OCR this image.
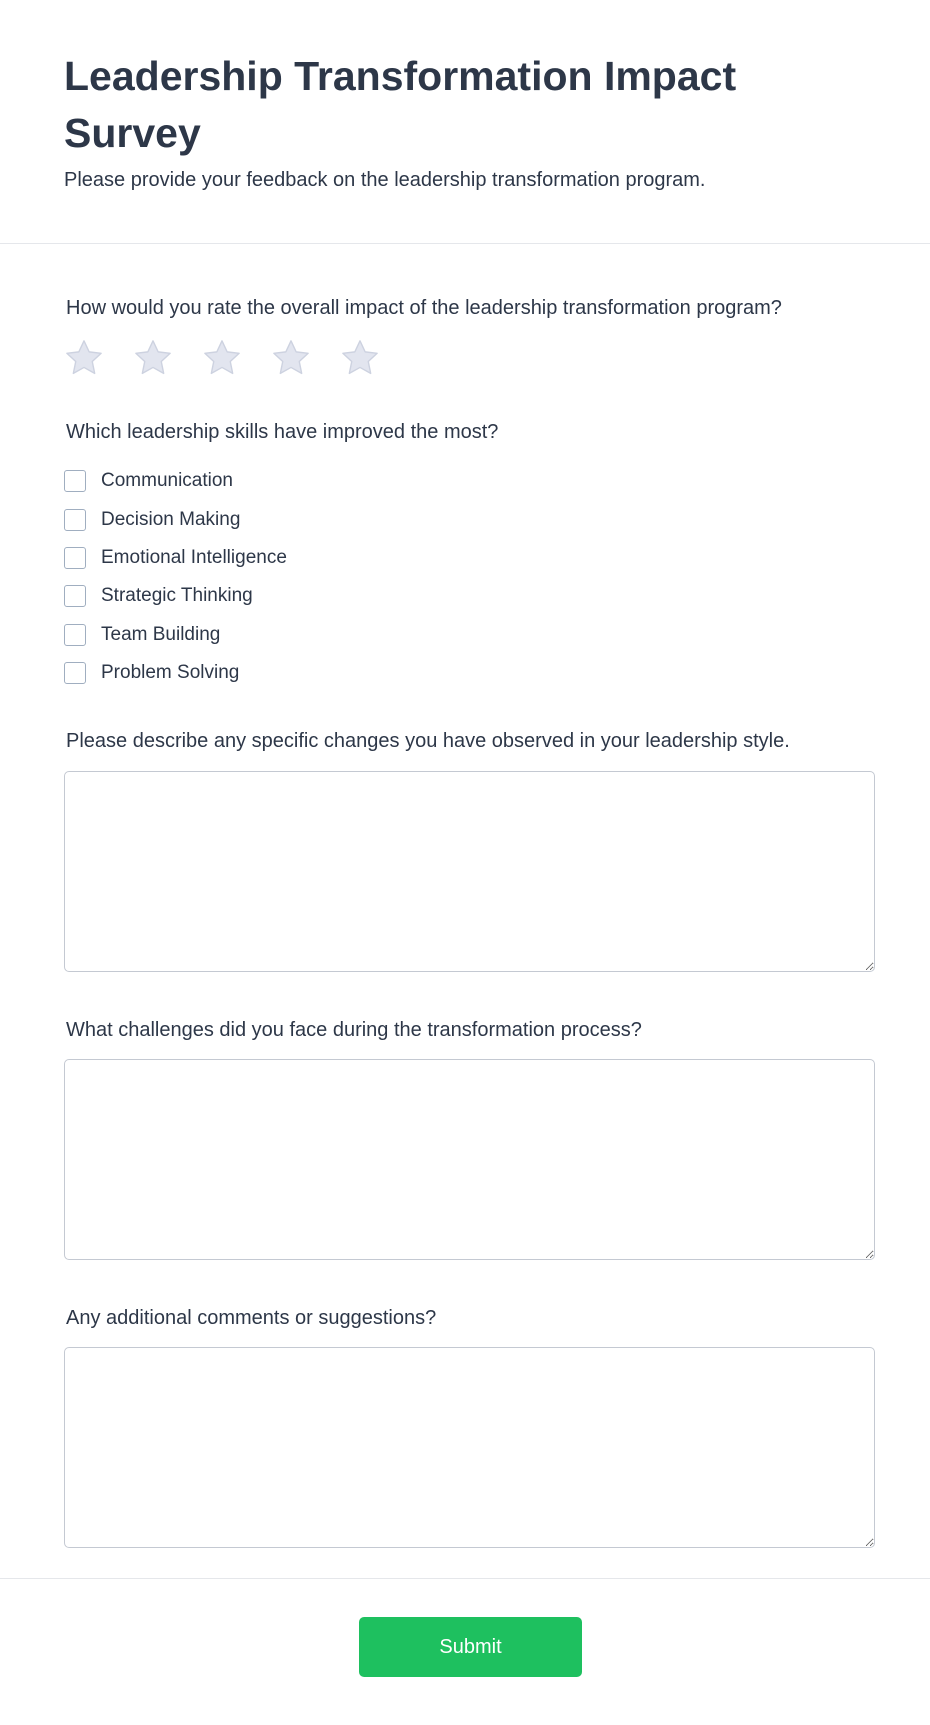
Leadership Transformation Impact Survey

Please provide your feedback on the leadership transformation program.

How would you rate the overall impact of the leadership transformation program?

Which leadership skills have improved the most?

Communication
Decision Making
Emotional Intelligence
Strategic Thinking
Team Building
Problem Solving

Please describe any specific changes you have observed in your leadership style.

What challenges did you face during the transformation process?

Any additional comments or suggestions?

Submit
